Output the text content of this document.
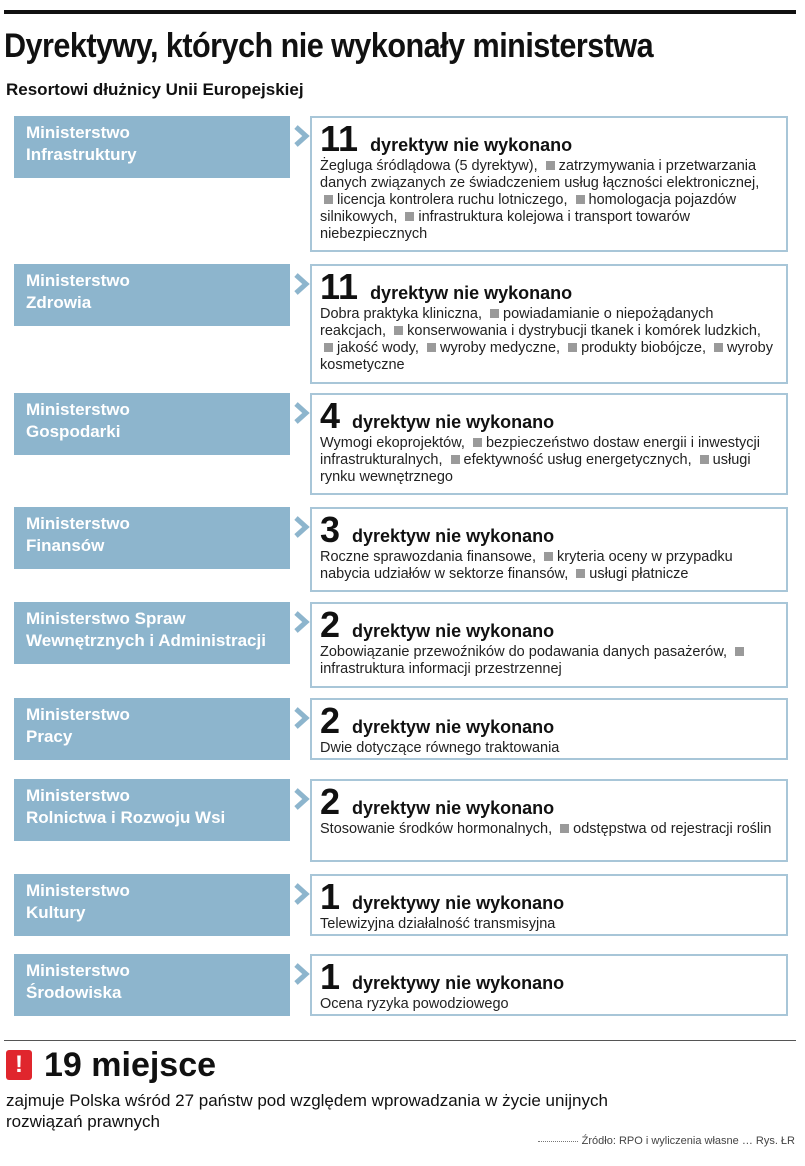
Dyrektywy, których nie wykonały ministerstwa
Resortowi dłużnicy Unii Europejskiej
Ministerstwo
Infrastruktury	11 dyrektyw nie wykonano
Żegluga śródlądowa (5 dyrektyw), zatrzymywania i przetwarzania danych związanych ze świadczeniem usług łączności elektronicznej, licencja kontrolera ruchu lotniczego, homologacja pojazdów silnikowych, infrastruktura kolejowa i transport towarów niebezpiecznych
Ministerstwo
Zdrowia	11 dyrektyw nie wykonano
Dobra praktyka kliniczna, powiadamianie o niepożądanych reakcjach, konserwowania i dystrybucji tkanek i komórek ludzkich, jakość wody, wyroby medyczne, produkty biobójcze, wyroby kosmetyczne
Ministerstwo
Gospodarki	4 dyrektyw nie wykonano
Wymogi ekoprojektów, bezpieczeństwo dostaw energii i inwestycji infrastrukturalnych, efektywność usług energetycznych, usługi rynku wewnętrznego
Ministerstwo
Finansów	3 dyrektyw nie wykonano
Roczne sprawozdania finansowe, kryteria oceny w przypadku nabycia udziałów w sektorze finansów, usługi płatnicze
Ministerstwo Spraw
Wewnętrznych i Administracji	2 dyrektyw nie wykonano
Zobowiązanie przewoźników do podawania danych pasażerów, infrastruktura informacji przestrzennej
Ministerstwo
Pracy	2 dyrektyw nie wykonano
Dwie dotyczące równego traktowania
Ministerstwo
Rolnictwa i Rozwoju Wsi	2 dyrektyw nie wykonano
Stosowanie środków hormonalnych, odstępstwa od rejestracji roślin
Ministerstwo
Kultury	1 dyrektywy nie wykonano
Telewizyjna działalność transmisyjna
Ministerstwo
Środowiska	1 dyrektywy nie wykonano
Ocena ryzyka powodziowego
! 19 miejsce
zajmuje Polska wśród 27 państw pod względem wprowadzania w życie unijnych rozwiązań prawnych
Źródło: RPO i wyliczenia własne … Rys. ŁR
